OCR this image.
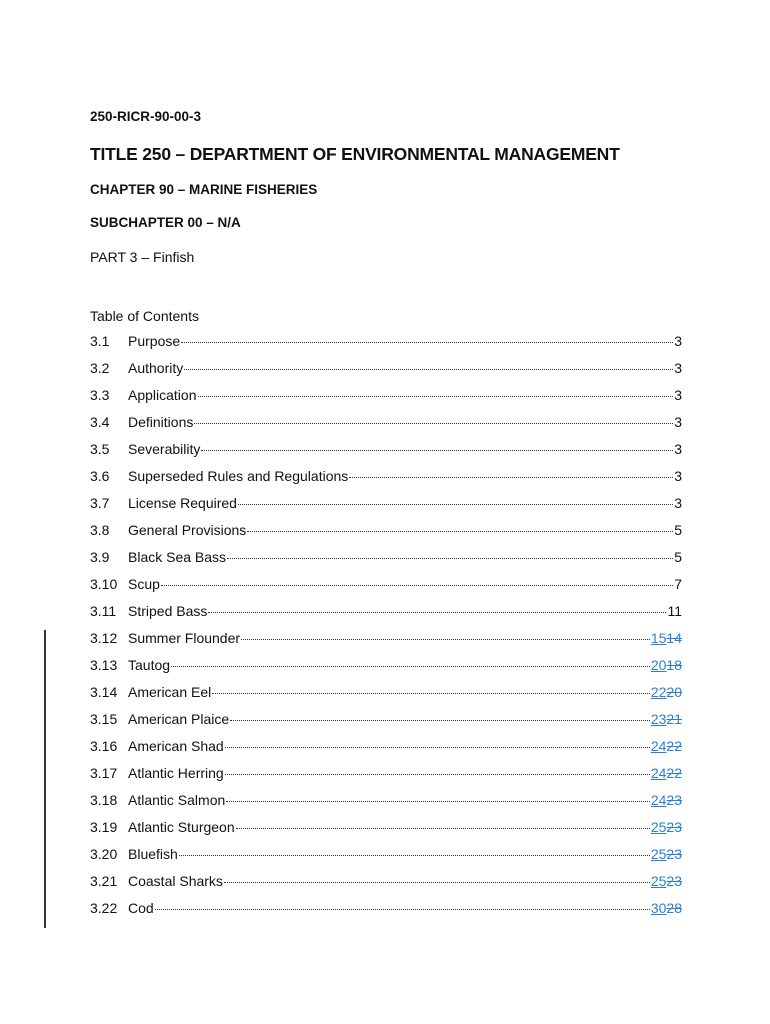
250-RICR-90-00-3
TITLE 250 – DEPARTMENT OF ENVIRONMENTAL MANAGEMENT
CHAPTER 90 – MARINE FISHERIES
SUBCHAPTER 00 – N/A
PART 3 – Finfish
Table of Contents
3.1	Purpose	3
3.2	Authority	3
3.3	Application	3
3.4	Definitions	3
3.5	Severability	3
3.6	Superseded Rules and Regulations	3
3.7	License Required	3
3.8	General Provisions	5
3.9	Black Sea Bass	5
3.10 Scup	7
3.11 Striped Bass	11
3.12 Summer Flounder	1514
3.13 Tautog	2018
3.14 American Eel	2220
3.15 American Plaice	2321
3.16 American Shad	2422
3.17 Atlantic Herring	2422
3.18 Atlantic Salmon	2423
3.19 Atlantic Sturgeon	2523
3.20 Bluefish	2523
3.21 Coastal Sharks	2523
3.22 Cod	3028
